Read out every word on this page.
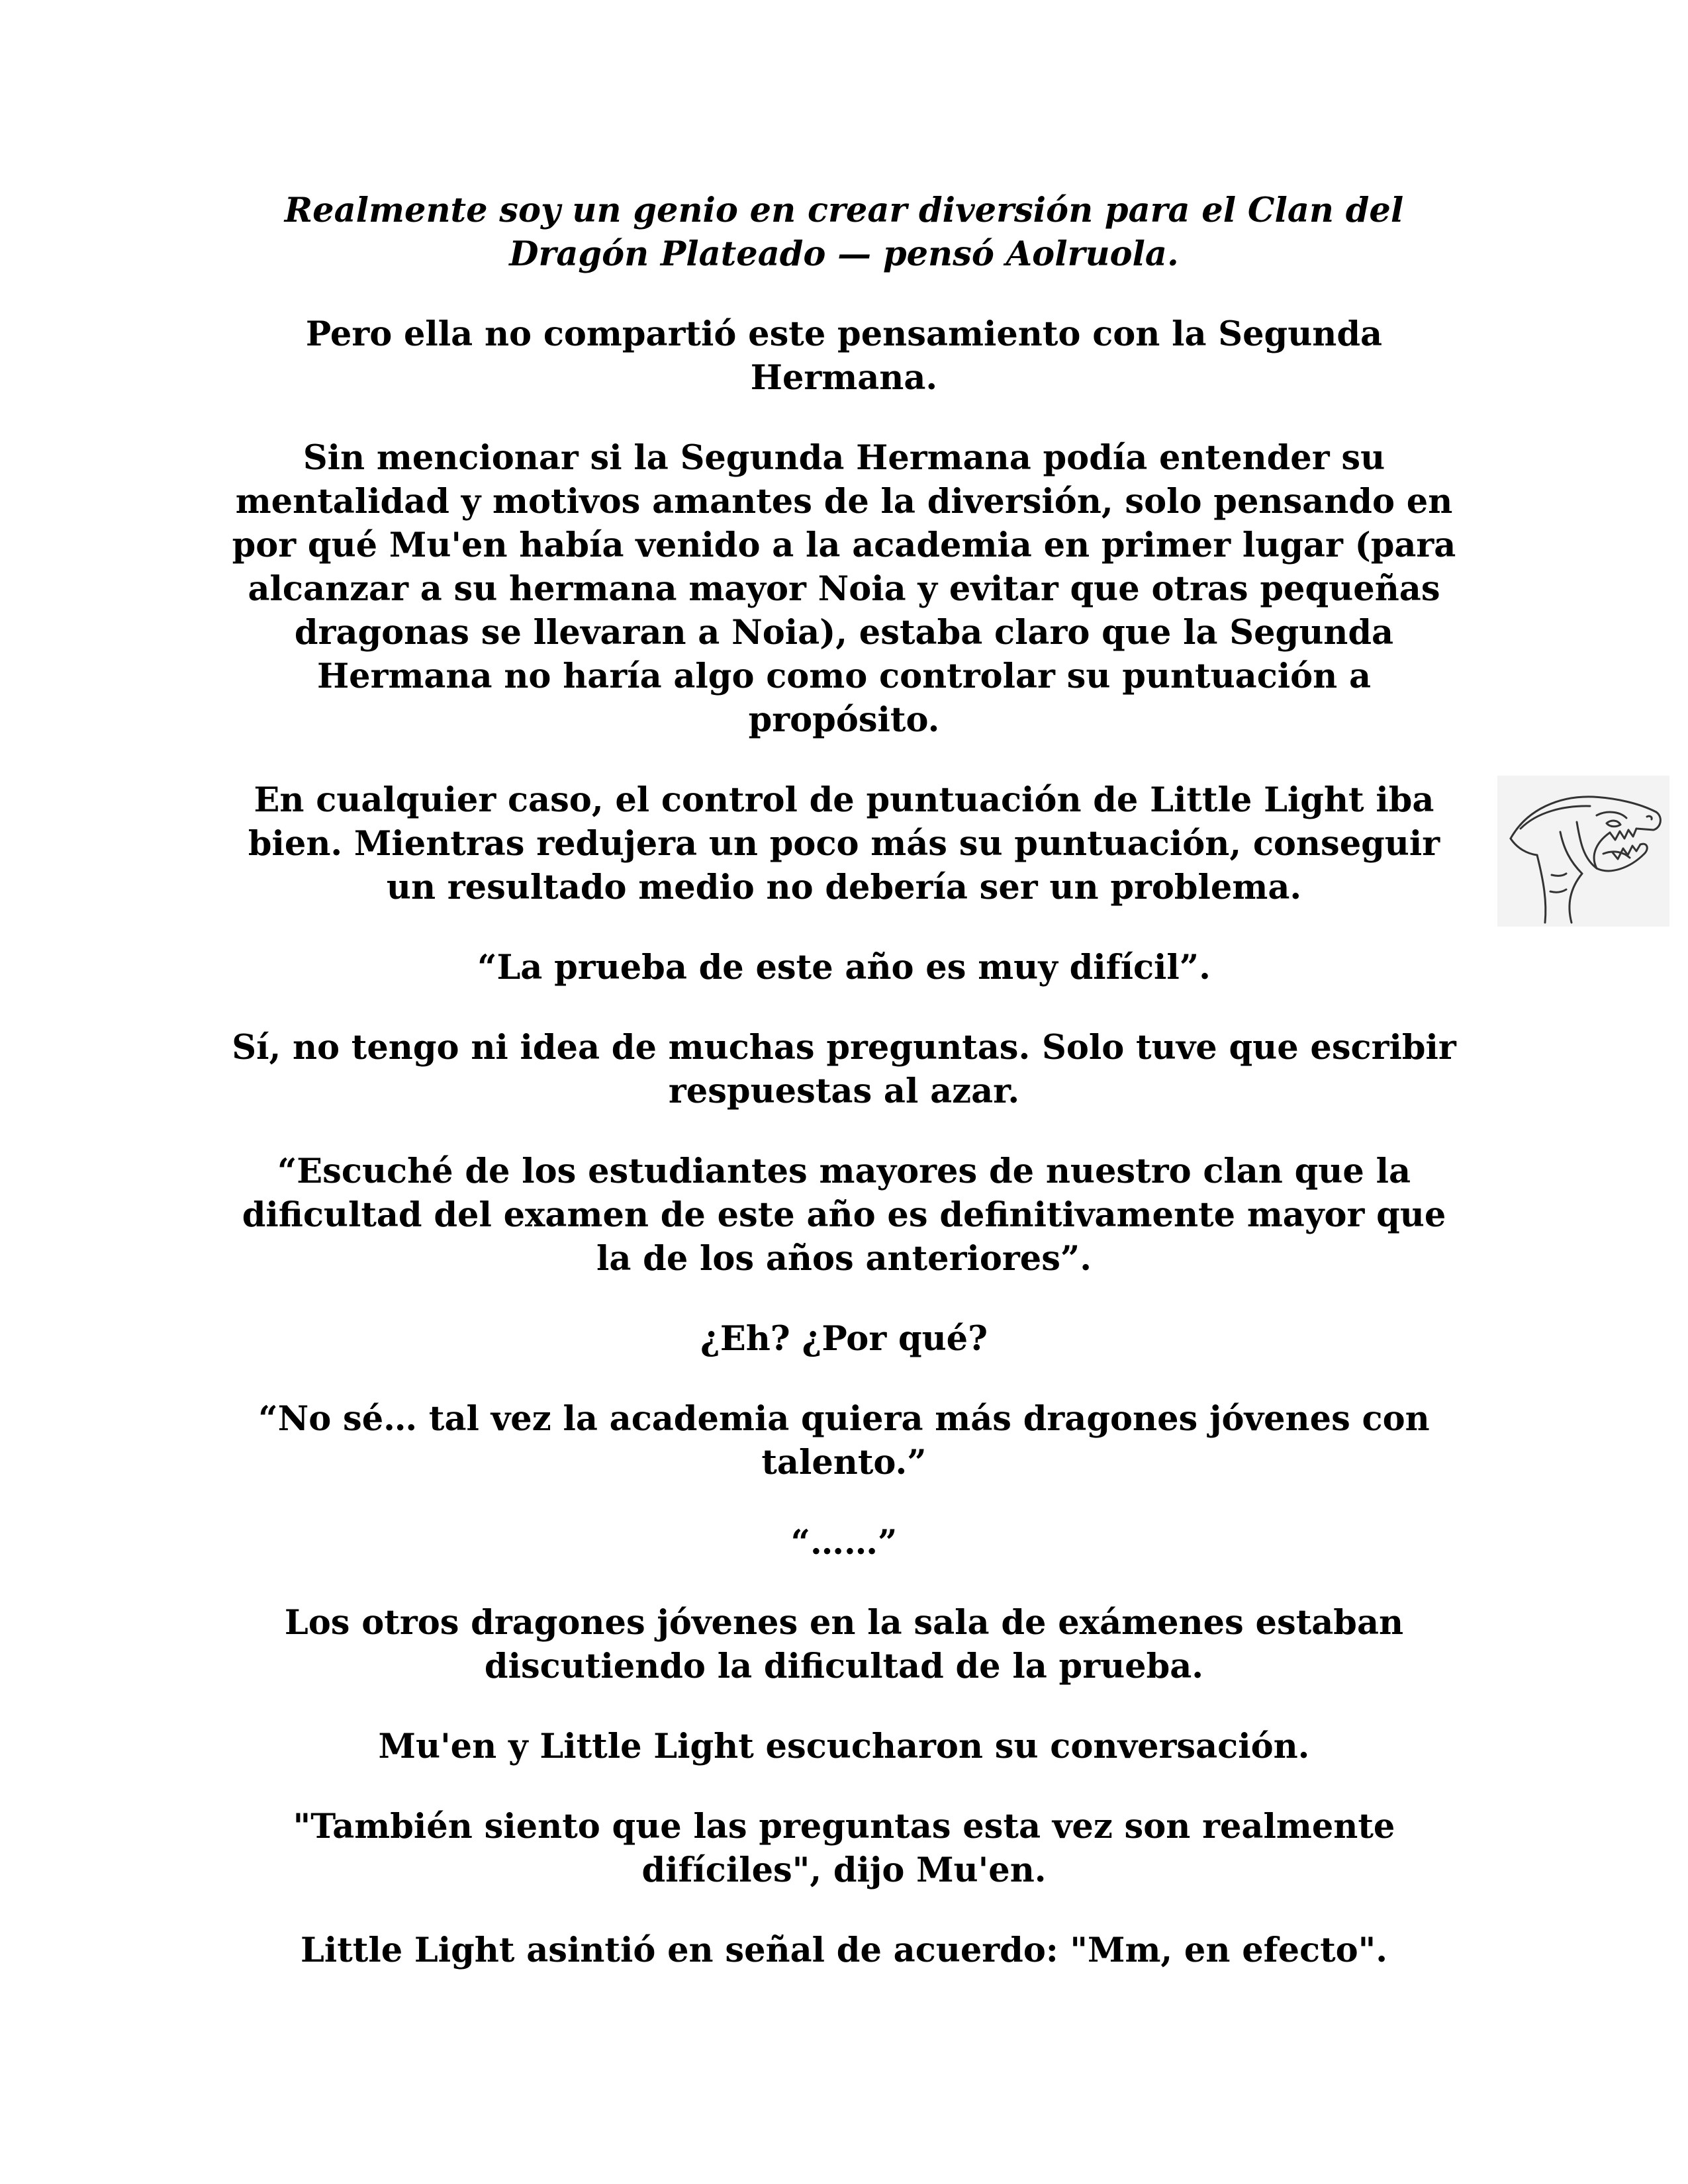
Realmente soy un genio en crear diversión para el Clan del Dragón Plateado — pensó Aolruola.

Pero ella no compartió este pensamiento con la Segunda Hermana.

Sin mencionar si la Segunda Hermana podía entender su mentalidad y motivos amantes de la diversión, solo pensando en por qué Mu'en había venido a la academia en primer lugar (para alcanzar a su hermana mayor Noia y evitar que otras pequeñas dragonas se llevaran a Noia), estaba claro que la Segunda Hermana no haría algo como controlar su puntuación a propósito.

En cualquier caso, el control de puntuación de Little Light iba bien. Mientras redujera un poco más su puntuación, conseguir un resultado medio no debería ser un problema.

“La prueba de este año es muy difícil”.

Sí, no tengo ni idea de muchas preguntas. Solo tuve que escribir respuestas al azar.

“Escuché de los estudiantes mayores de nuestro clan que la dificultad del examen de este año es definitivamente mayor que la de los años anteriores”.

¿Eh? ¿Por qué?

“No sé… tal vez la academia quiera más dragones jóvenes con talento.”

“……”

Los otros dragones jóvenes en la sala de exámenes estaban discutiendo la dificultad de la prueba.

Mu'en y Little Light escucharon su conversación.

"También siento que las preguntas esta vez son realmente difíciles", dijo Mu'en.

Little Light asintió en señal de acuerdo: "Mm, en efecto".
